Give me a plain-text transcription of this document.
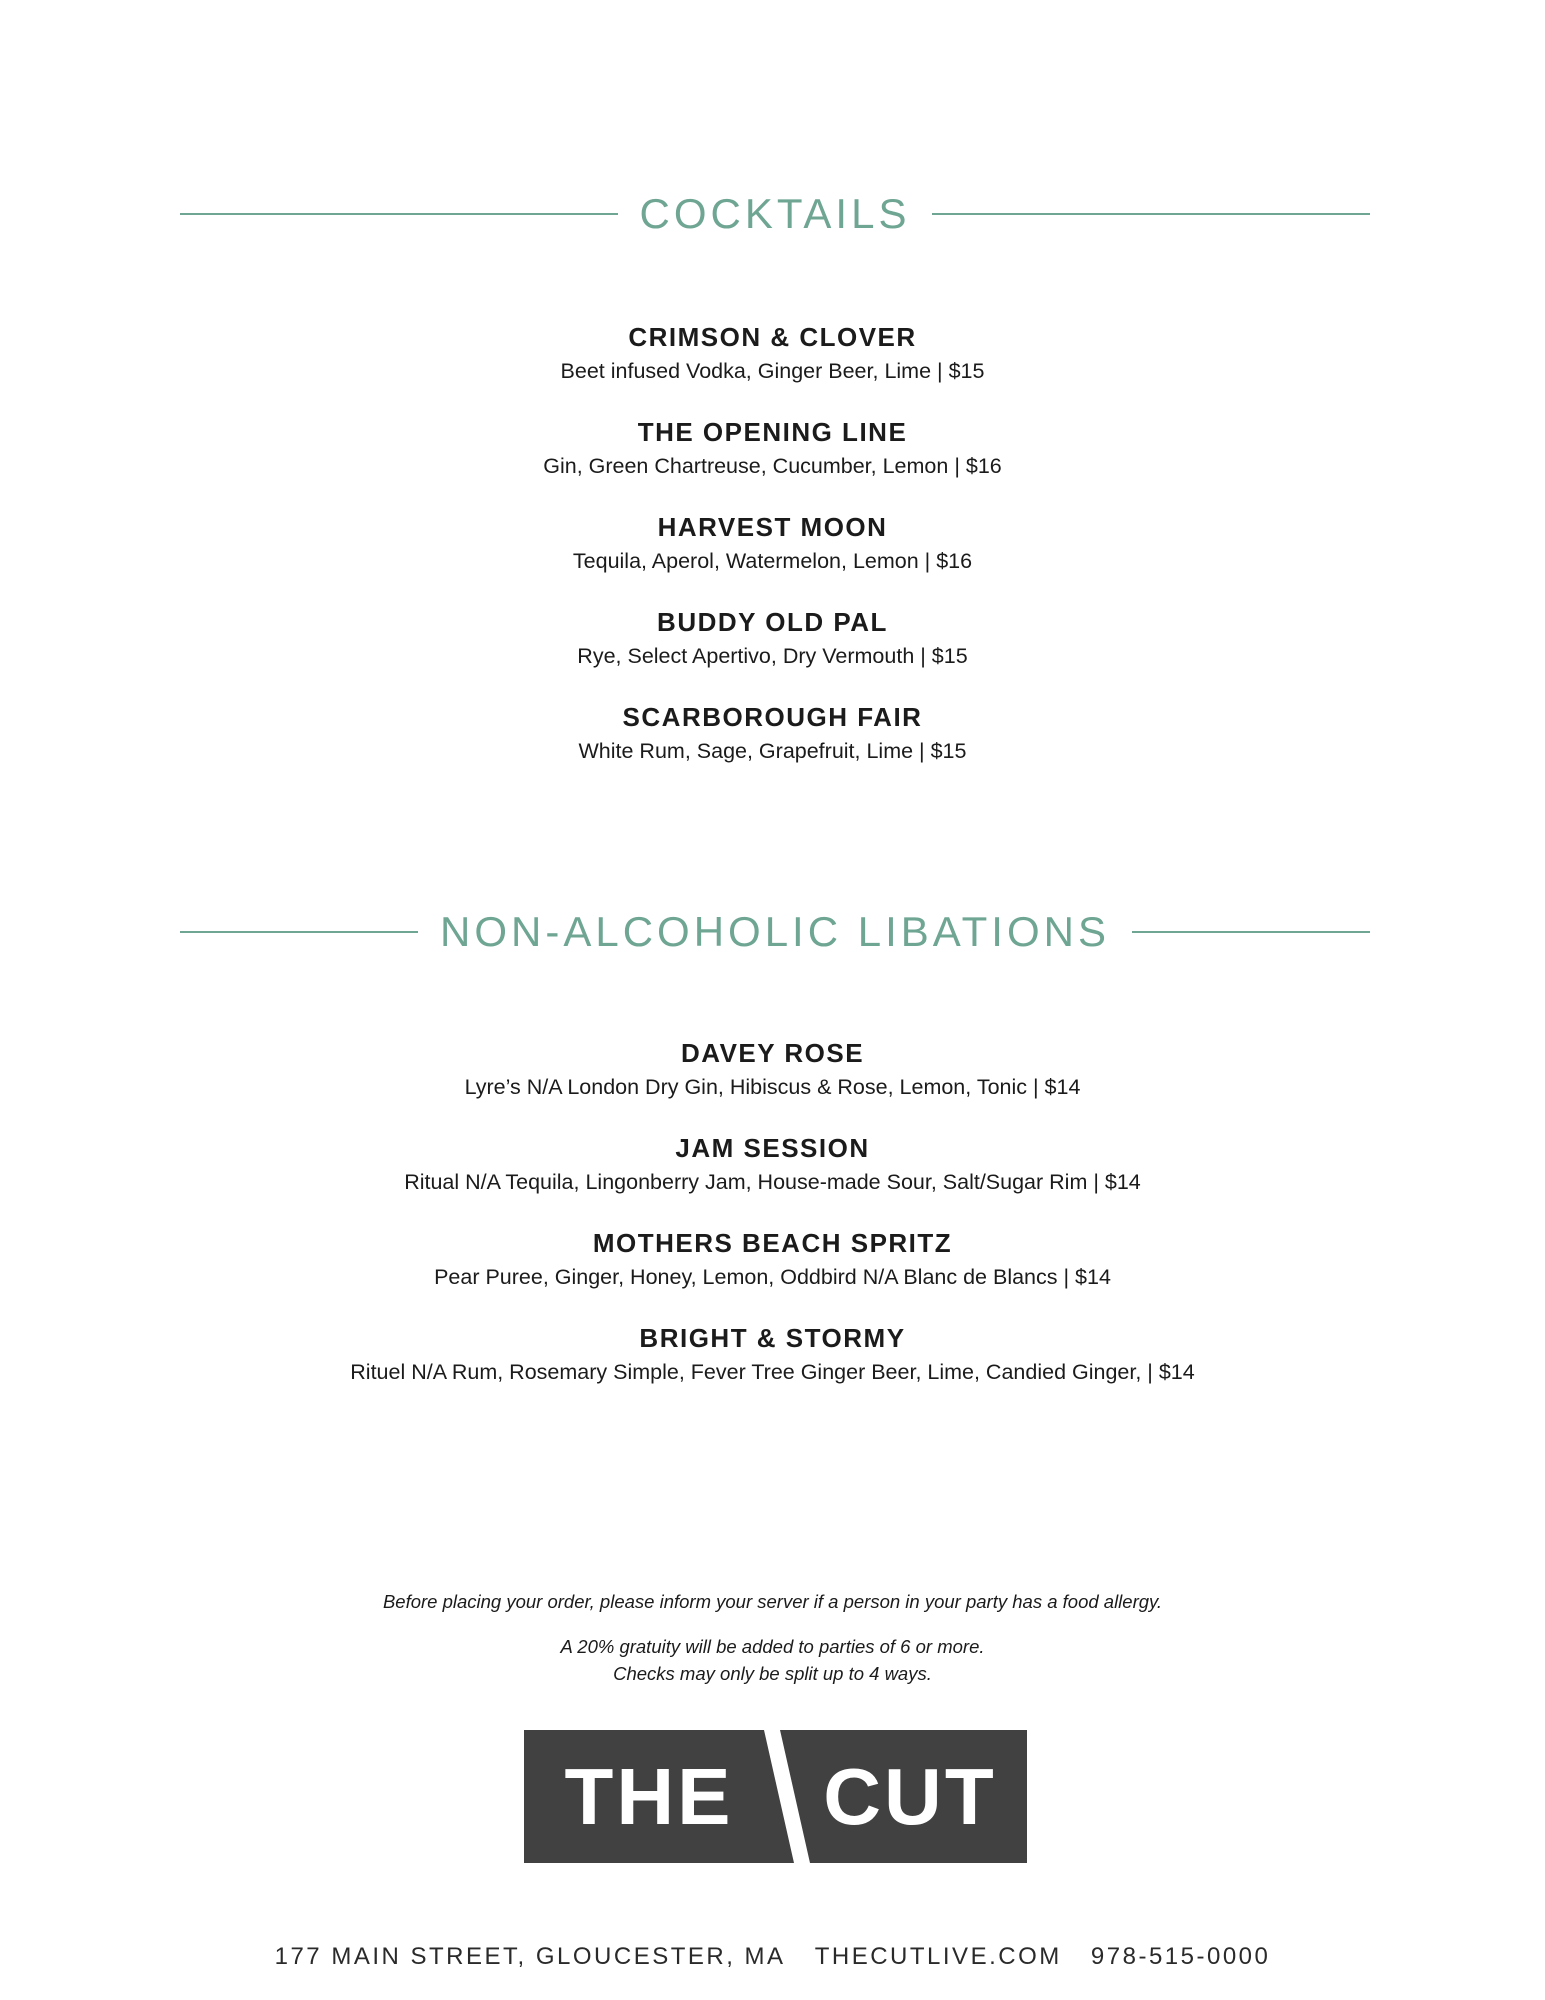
COCKTAILS
CRIMSON & CLOVER
Beet infused Vodka, Ginger Beer, Lime | $15
THE OPENING LINE
Gin, Green Chartreuse, Cucumber, Lemon | $16
HARVEST MOON
Tequila, Aperol, Watermelon, Lemon | $16
BUDDY OLD PAL
Rye, Select Apertivo, Dry Vermouth | $15
SCARBOROUGH FAIR
White Rum, Sage, Grapefruit, Lime | $15
NON-ALCOHOLIC LIBATIONS
DAVEY ROSE
Lyre’s N/A London Dry Gin, Hibiscus & Rose, Lemon, Tonic | $14
JAM SESSION
Ritual N/A Tequila, Lingonberry Jam, House-made Sour, Salt/Sugar Rim | $14
MOTHERS BEACH SPRITZ
Pear Puree, Ginger, Honey, Lemon, Oddbird N/A Blanc de Blancs | $14
BRIGHT & STORMY
Rituel N/A Rum, Rosemary Simple, Fever Tree Ginger Beer, Lime, Candied Ginger, | $14
Before placing your order, please inform your server if a person in your party has a food allergy.
A 20% gratuity will be added to parties of 6 or more.
Checks may only be split up to 4 ways.
THE CUT
177 MAIN STREET, GLOUCESTER, MA THECUTLIVE.COM 978-515-0000
